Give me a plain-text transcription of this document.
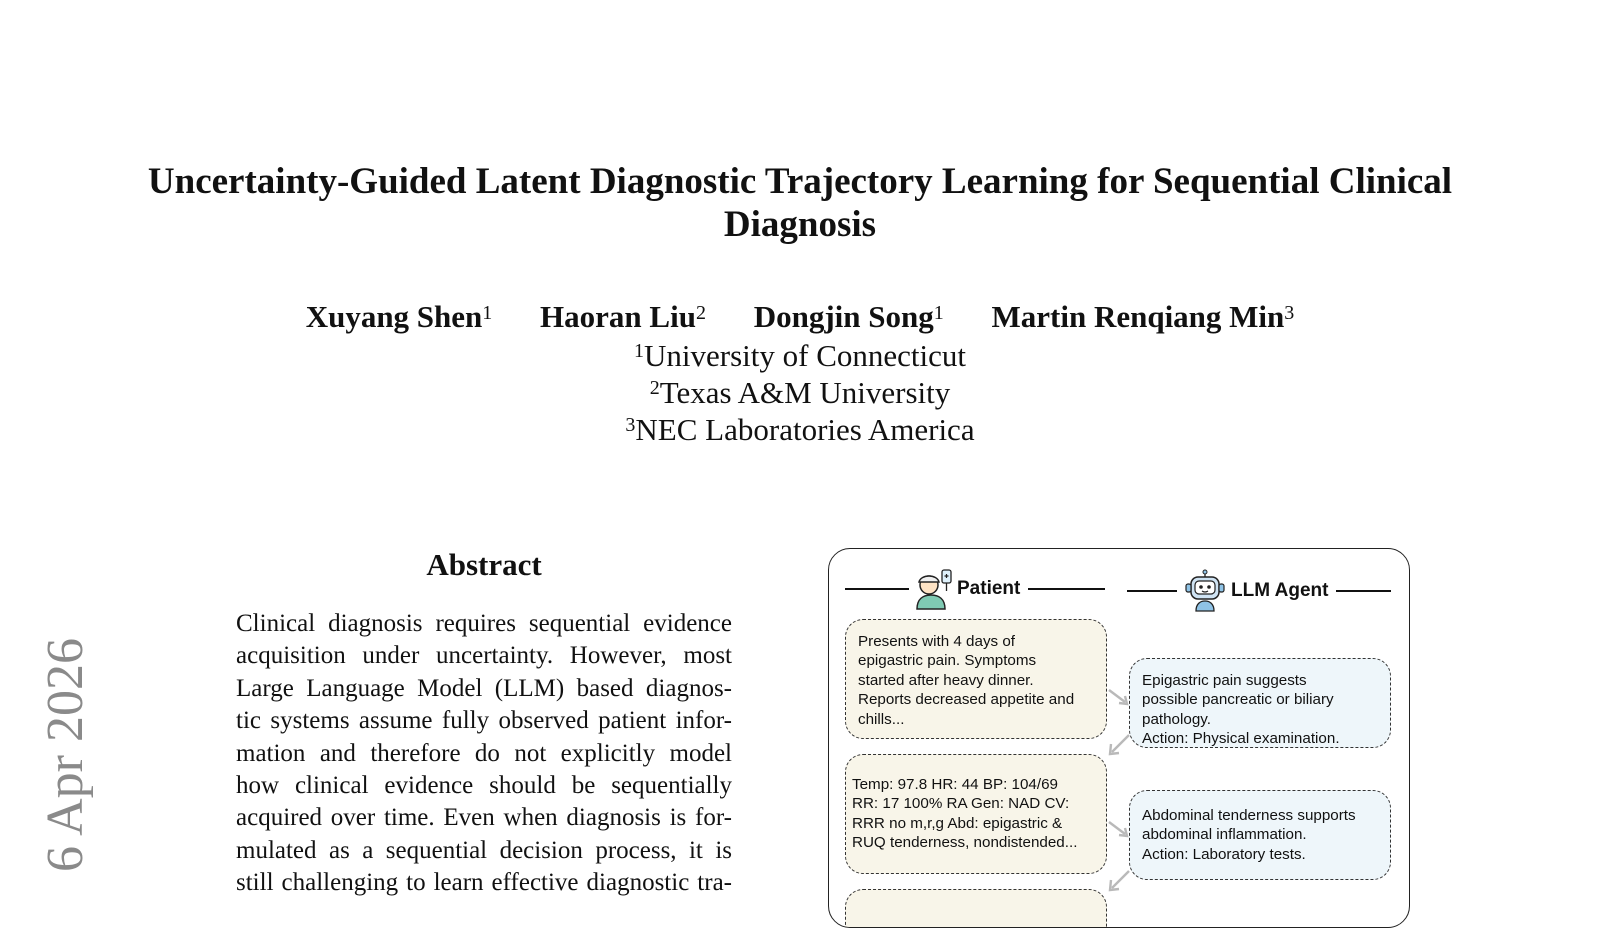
6 Apr 2026
Uncertainty-Guided Latent Diagnostic Trajectory Learning for Sequential Clinical Diagnosis
Xuyang Shen$^1$ Haoran Liu$^2$ Dongjin Song$^1$ Martin Renqiang Min$^3$
$^1$University of Connecticut
$^2$Texas A&M University
$^3$NEC Laboratories America
Abstract
Clinical diagnosis requires sequential evidence
acquisition under uncertainty. However, most
Large Language Model (LLM) based diagnos-
tic systems assume fully observed patient infor-
mation and therefore do not explicitly model
how clinical evidence should be sequentially
acquired over time. Even when diagnosis is for-
mulated as a sequential decision process, it is
still challenging to learn effective diagnostic tra-
Patient	LLM Agent
Presents with 4 days of
epigastric pain. Symptoms
started after heavy dinner.
Reports decreased appetite and
chills...
Epigastric pain suggests
possible pancreatic or biliary
pathology.
Action: Physical examination.
Temp: 97.8 HR: 44 BP: 104/69
RR: 17 100% RA Gen: NAD CV:
RRR no m,r,g Abd: epigastric &
RUQ tenderness, nondistended...
Abdominal tenderness supports
abdominal inflammation.
Action: Laboratory tests.
